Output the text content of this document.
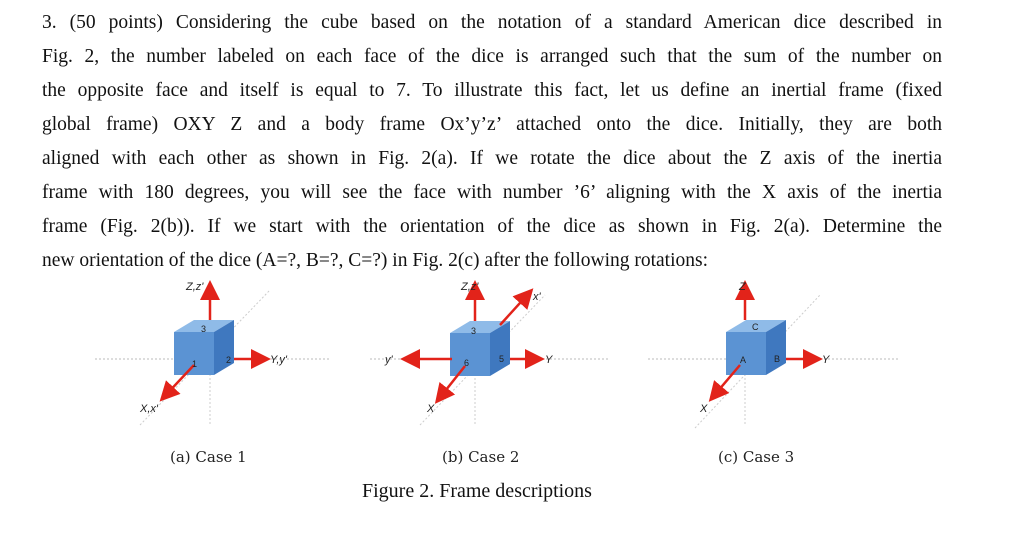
3. (50 points) Considering the cube based on the notation of a standard American dice described in
Fig. 2, the number labeled on each face of the dice is arranged such that the sum of the number on
the opposite face and itself is equal to 7. To illustrate this fact, let us define an inertial frame (fixed
global frame) OXY Z and a body frame Ox’y’z’ attached onto the dice. Initially, they are both
aligned with each other as shown in Fig. 2(a). If we rotate the dice about the Z axis of the inertia
frame with 180 degrees, you will see the face with number ’6’ aligning with the X axis of the inertia
frame (Fig. 2(b)). If we start with the orientation of the dice as shown in Fig. 2(a). Determine the
new orientation of the dice (A=?, B=?, C=?) in Fig. 2(c) after the following rotations:
3
1	2
Z,z'
Y,y'
X,x'
3
6	5
Z,z'
x'
y'	Y
X
C
A	B
Z
Y
X
(a) Case 1	(b) Case 2	(c) Case 3
Figure 2. Frame descriptions
